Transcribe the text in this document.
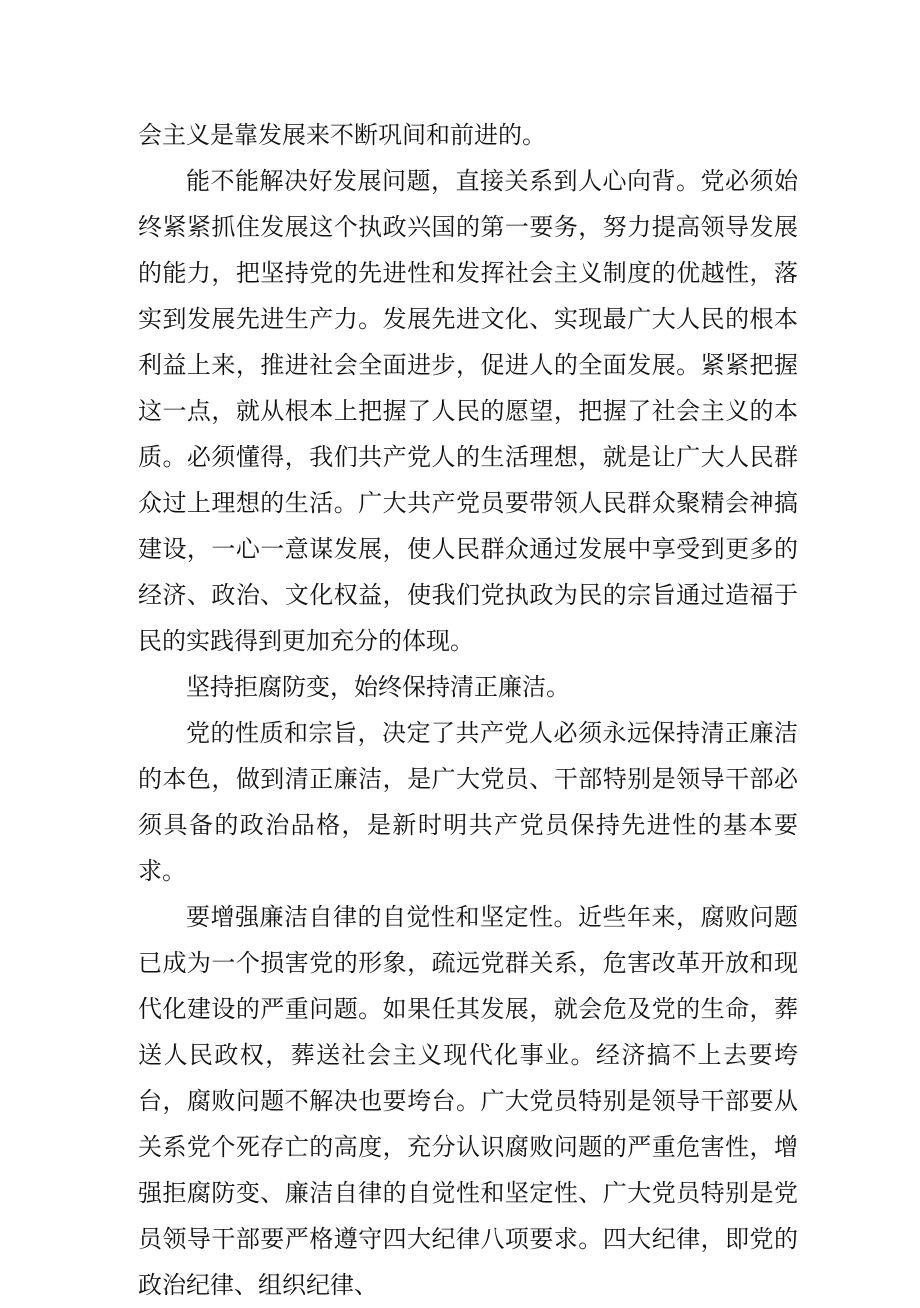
会主义是靠发展来不断巩间和前进的。

能不能解决好发展问题，直接关系到人心向背。党必须始终紧紧抓住发展这个执政兴国的第一要务，努力提高领导发展的能力，把坚持党的先进性和发挥社会主义制度的优越性，落实到发展先进生产力。发展先进文化、实现最广大人民的根本利益上来，推进社会全面进步，促进人的全面发展。紧紧把握这一点，就从根本上把握了人民的愿望，把握了社会主义的本质。必须懂得，我们共产党人的生活理想，就是让广大人民群众过上理想的生活。广大共产党员要带领人民群众聚精会神搞建设，一心一意谋发展，使人民群众通过发展中享受到更多的经济、政治、文化权益，使我们党执政为民的宗旨通过造福于民的实践得到更加充分的体现。

坚持拒腐防变，始终保持清正廉洁。

党的性质和宗旨，决定了共产党人必须永远保持清正廉洁的本色，做到清正廉洁，是广大党员、干部特别是领导干部必须具备的政治品格，是新时明共产党员保持先进性的基本要求。

要增强廉洁自律的自觉性和坚定性。近些年来，腐败问题已成为一个损害党的形象，疏远党群关系，危害改革开放和现代化建设的严重问题。如果任其发展，就会危及党的生命，葬送人民政权，葬送社会主义现代化事业。经济搞不上去要垮台，腐败问题不解决也要垮台。广大党员特别是领导干部要从关系党个死存亡的高度，充分认识腐败问题的严重危害性，增强拒腐防变、廉洁自律的自觉性和坚定性、广大党员特别是党员领导干部要严格遵守四大纪律八项要求。四大纪律，即党的政治纪律、组织纪律、
